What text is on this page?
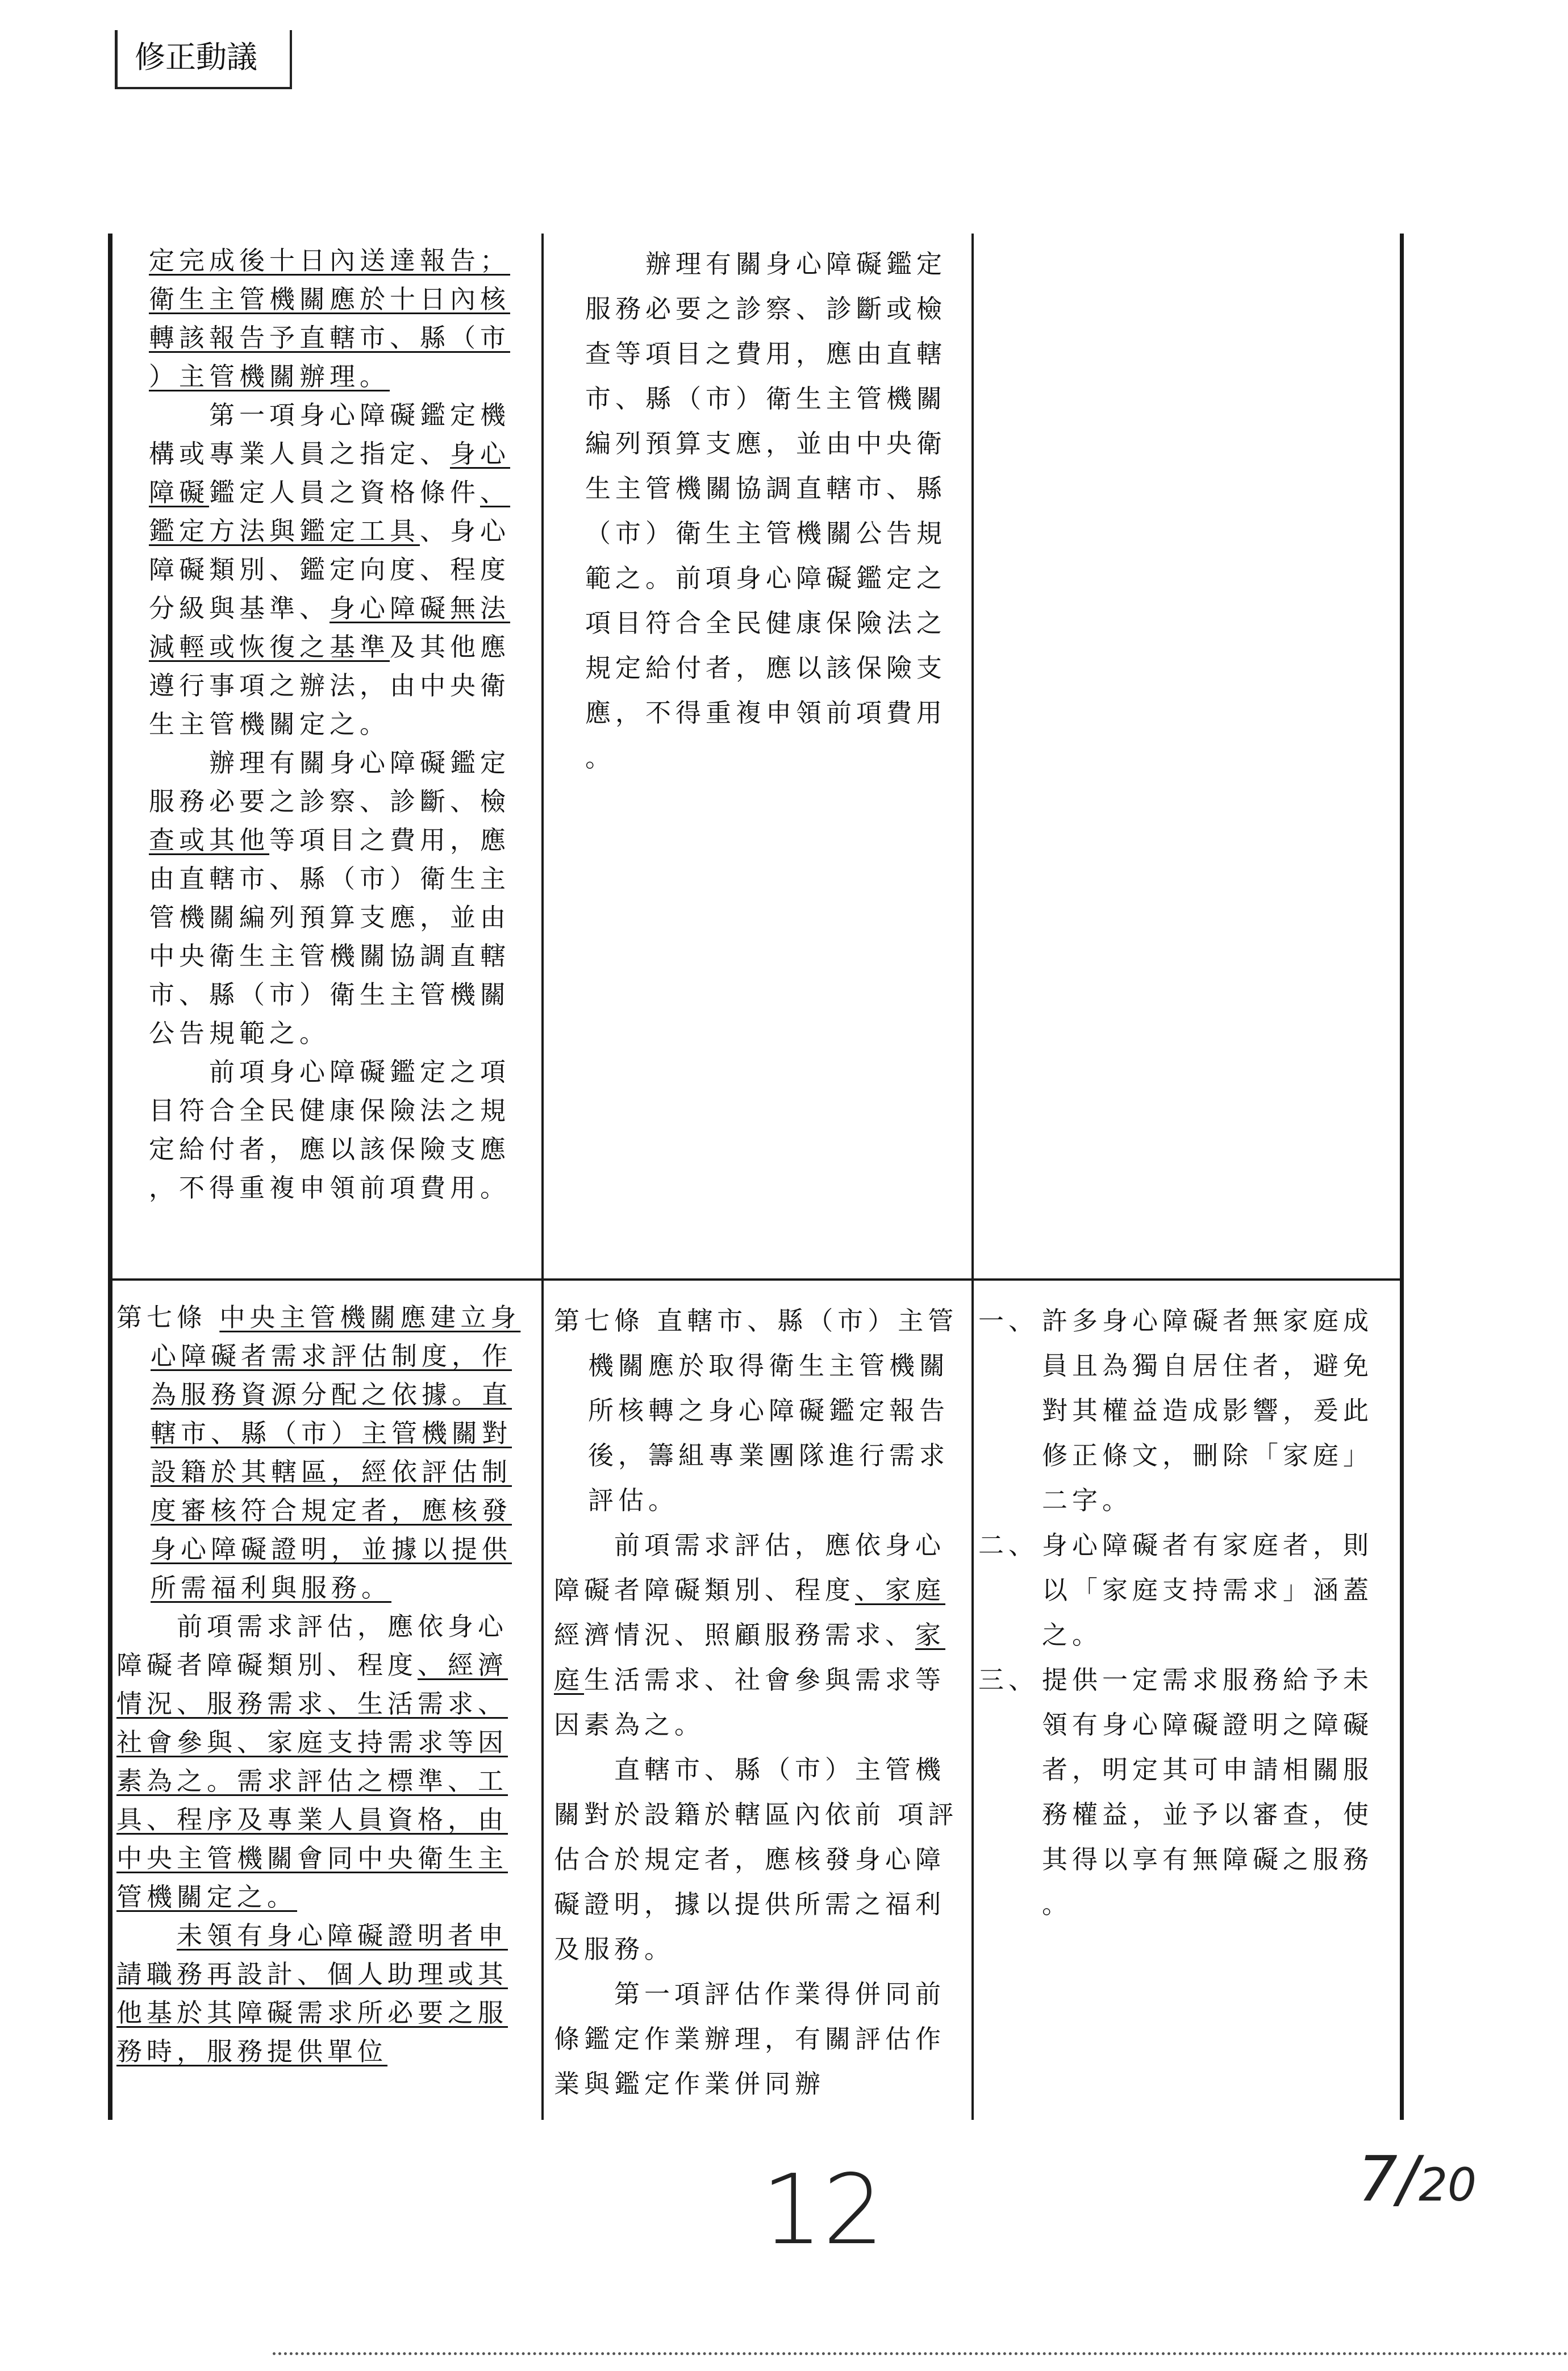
修正動議

定完成後十日內送達報告；衛生主管機關應於十日內核轉該報告予直轄市、縣（市）主管機關辦理。

第一項身心障礙鑑定機構或專業人員之指定、身心障礙鑑定人員之資格條件、鑑定方法與鑑定工具、身心障礙類別、鑑定向度、程度分級與基準、身心障礙無法減輕或恢復之基準及其他應遵行事項之辦法，由中央衛生主管機關定之。

辦理有關身心障礙鑑定服務必要之診察、診斷、檢查或其他等項目之費用，應由直轄市、縣（市）衛生主管機關編列預算支應，並由中央衛生主管機關協調直轄市、縣（市）衛生主管機關公告規範之。

前項身心障礙鑑定之項目符合全民健康保險法之規定給付者，應以該保險支應，不得重複申領前項費用。

辦理有關身心障礙鑑定 服務必要之診察、診斷或檢 查等項目之費用，應由直轄市、縣（市）衛生主管機關編列預算支應，並由中央衛生主管機關協調直轄市、縣（市）衛生主管機關公告規範之。前項身心障礙鑑定之項目符合全民健康保險法之規定給付者，應以該保險支應，不得重複申領前項費用。

第七條 中央主管機關應建立身心障礙者需求評估制度，作為服務資源分配之依據。直轄市、縣（市）主管機關對設籍於其轄區，經依評估制度審核符合規定者，應核發身心障礙證明，並據以提供所需福利與服務。

前項需求評估，應依身心障礙者障礙類別、程度、經濟情況、服務需求、生活需求、社會參與、家庭支持需求等因素為之。需求評估之標準、工具、程序及專業人員資格，由中央主管機關會同中央衛生主管機關定之。

未領有身心障礙證明者申請職務再設計、個人助理或其他基於其障礙需求所必要之服務時，服務提供單位

第七條 直轄市、縣（市）主管機關應於取得衛生主管機關所核轉之身心障礙鑑定報告後，籌組專業團隊進行需求評估。

前項需求評估，應依身心障礙者障礙類別、程度、家庭經濟情況、照顧服務需求、家庭生活需求、社會參與需求等因素為之。

直轄市、縣（市）主管機關對於設籍於轄區內依前 項評估合於規定者，應核發身心障礙證明，據以提供所需之福利及服務。

第一項評估作業得併同前條鑑定作業辦理，有關評估作業與鑑定作業併同辦

一、 許多身心障礙者無家庭成員且為獨自居住者，避免對其權益造成影響，爰此修正條文，刪除「家庭」二字。
二、 身心障礙者有家庭者，則以「家庭支持需求」涵蓋之。
三、 提供一定需求服務給予未領有身心障礙證明之障礙者，明定其可申請相關服務權益，並予以審查，使其得以享有無障礙之服務。
12	7/20
